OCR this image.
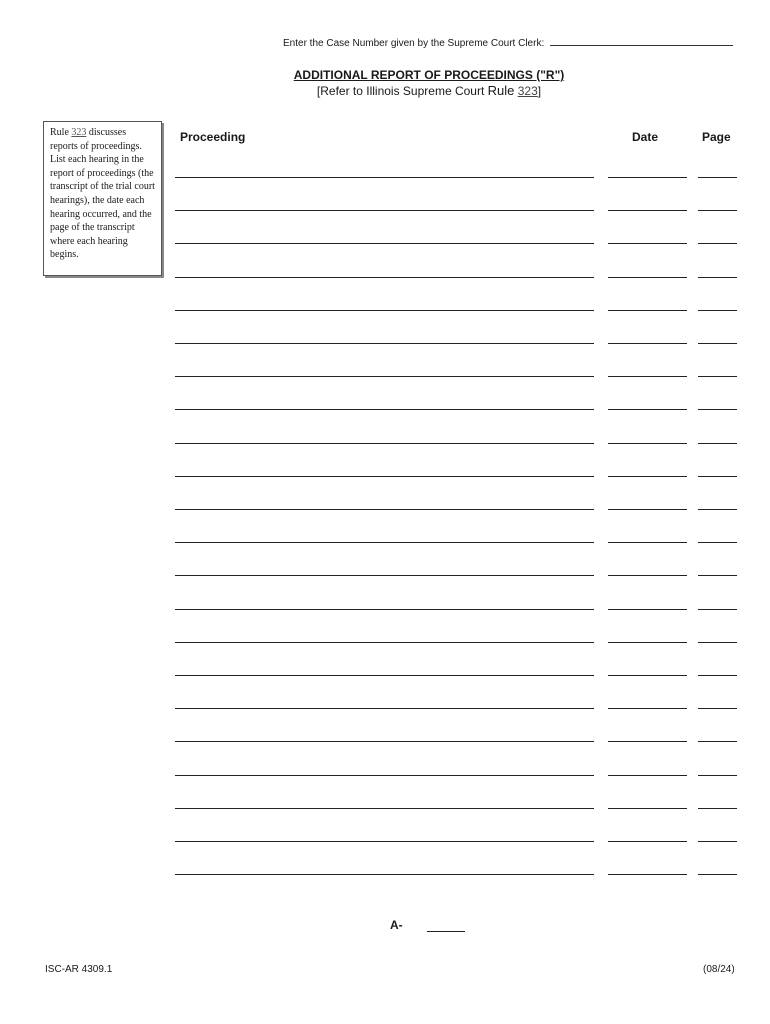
Enter the Case Number given by the Supreme Court Clerk:
ADDITIONAL REPORT OF PROCEEDINGS ("R")
[Refer to Illinois Supreme Court Rule 323]
Rule 323 discusses reports of proceedings. List each hearing in the report of proceedings (the transcript of the trial court hearings), the date each hearing occurred, and the page of the transcript where each hearing begins.
Proceeding	Date	Page
A-
ISC-AR 4309.1	(08/24)
